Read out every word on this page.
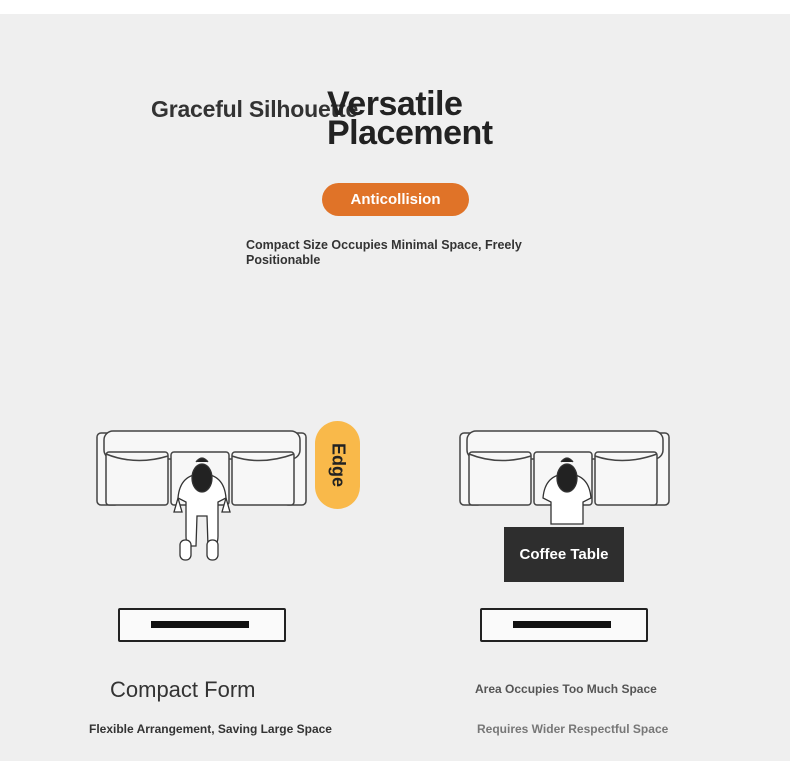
Graceful Silhouette
Versatile
Placement
Anticollision
Compact Size Occupies Minimal Space, Freely Positionable
Edge
Coffee Table
Compact Form
Flexible Arrangement, Saving Large Space
Area Occupies Too Much Space
Requires Wider Respectful Space
